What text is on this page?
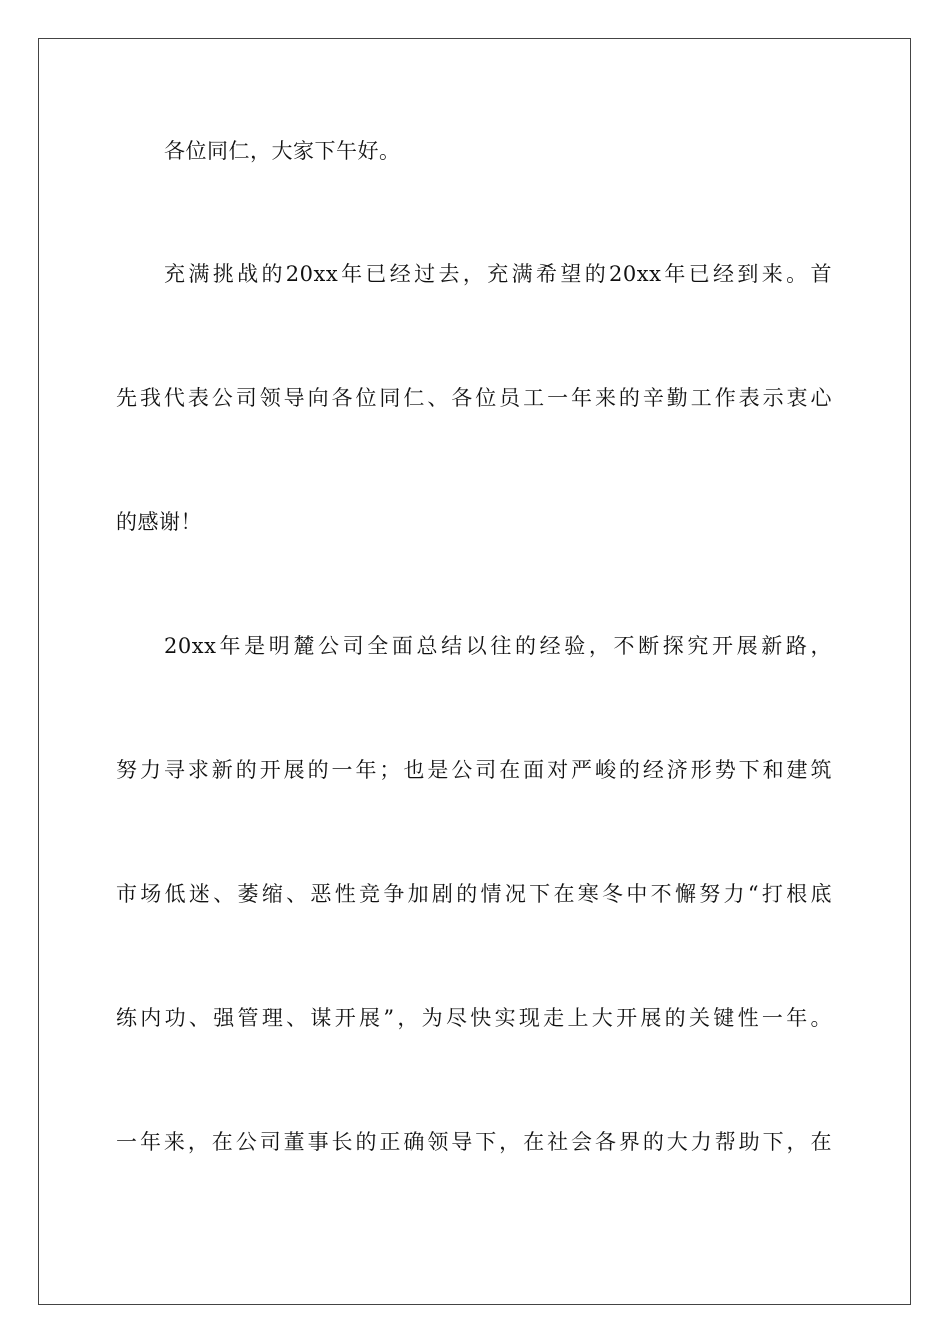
各位同仁，大家下午好。
充满挑战的20xx年已经过去，充满希望的20xx年已经到来。首
先我代表公司领导向各位同仁、各位员工一年来的辛勤工作表示衷心
的感谢！
20xx年是明麓公司全面总结以往的经验，不断探究开展新路，
努力寻求新的开展的一年；也是公司在面对严峻的经济形势下和建筑
市场低迷、萎缩、恶性竞争加剧的情况下在寒冬中不懈努力“打根底
练内功、强管理、谋开展”，为尽快实现走上大开展的关键性一年。
一年来，在公司董事长的正确领导下，在社会各界的大力帮助下，在
